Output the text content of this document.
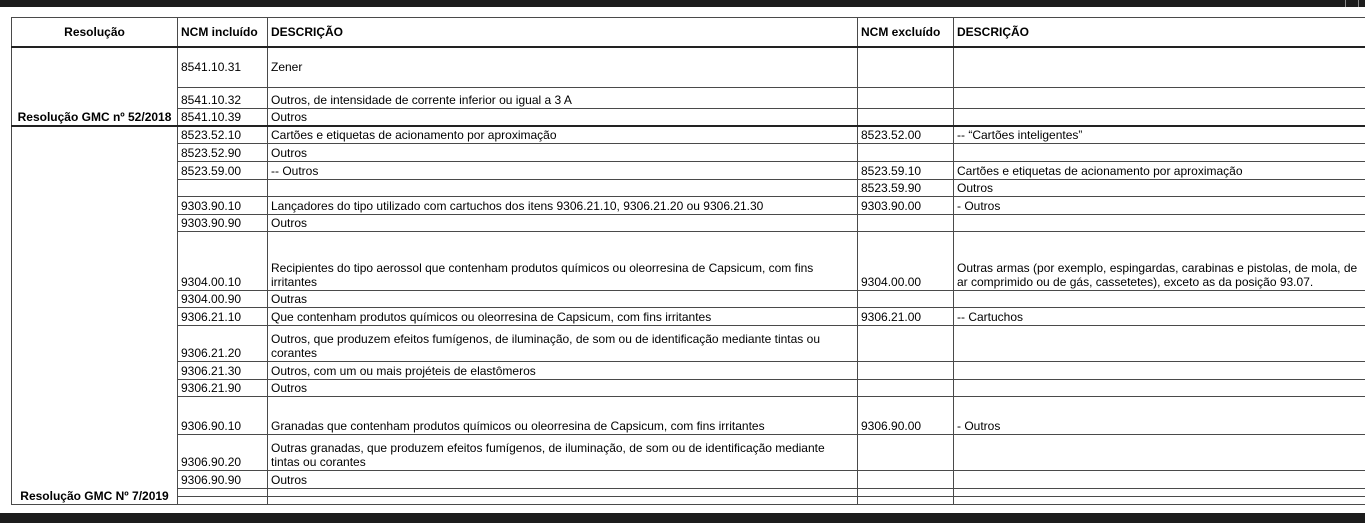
Resolução	NCM incluído	DESCRIÇÃO	NCM excluído	DESCRIÇÃO
Resolução GMC nº 52/2018	8541.10.31	Zener		
	8541.10.32	Outros, de intensidade de corrente inferior ou igual a 3 A		
	8541.10.39	Outros		
Resolução GMC Nº 7/2019	8523.52.10	Cartões e etiquetas de acionamento por aproximação	8523.52.00	-- “Cartões inteligentes”
	8523.52.90	Outros		
	8523.59.00	-- Outros	8523.59.10	Cartões e etiquetas de acionamento por aproximação
			8523.59.90	Outros
	9303.90.10	Lançadores do tipo utilizado com cartuchos dos itens 9306.21.10, 9306.21.20 ou 9306.21.30	9303.90.00	- Outros
	9303.90.90	Outros		
	9304.00.10	Recipientes do tipo aerossol que contenham produtos químicos ou oleorresina de Capsicum, com fins irritantes	9304.00.00	Outras armas (por exemplo, espingardas, carabinas e pistolas, de mola, de ar comprimido ou de gás, cassetetes), exceto as da posição 93.07.
	9304.00.90	Outras		
	9306.21.10	Que contenham produtos químicos ou oleorresina de Capsicum, com fins irritantes	9306.21.00	-- Cartuchos
	9306.21.20	Outros, que produzem efeitos fumígenos, de iluminação, de som ou de identificação mediante tintas ou corantes		
	9306.21.30	Outros, com um ou mais projéteis de elastômeros		
	9306.21.90	Outros		
	9306.90.10	Granadas que contenham produtos químicos ou oleorresina de Capsicum, com fins irritantes	9306.90.00	- Outros
	9306.90.20	Outras granadas, que produzem efeitos fumígenos, de iluminação, de som ou de identificação mediante tintas ou corantes		
	9306.90.90	Outros		
